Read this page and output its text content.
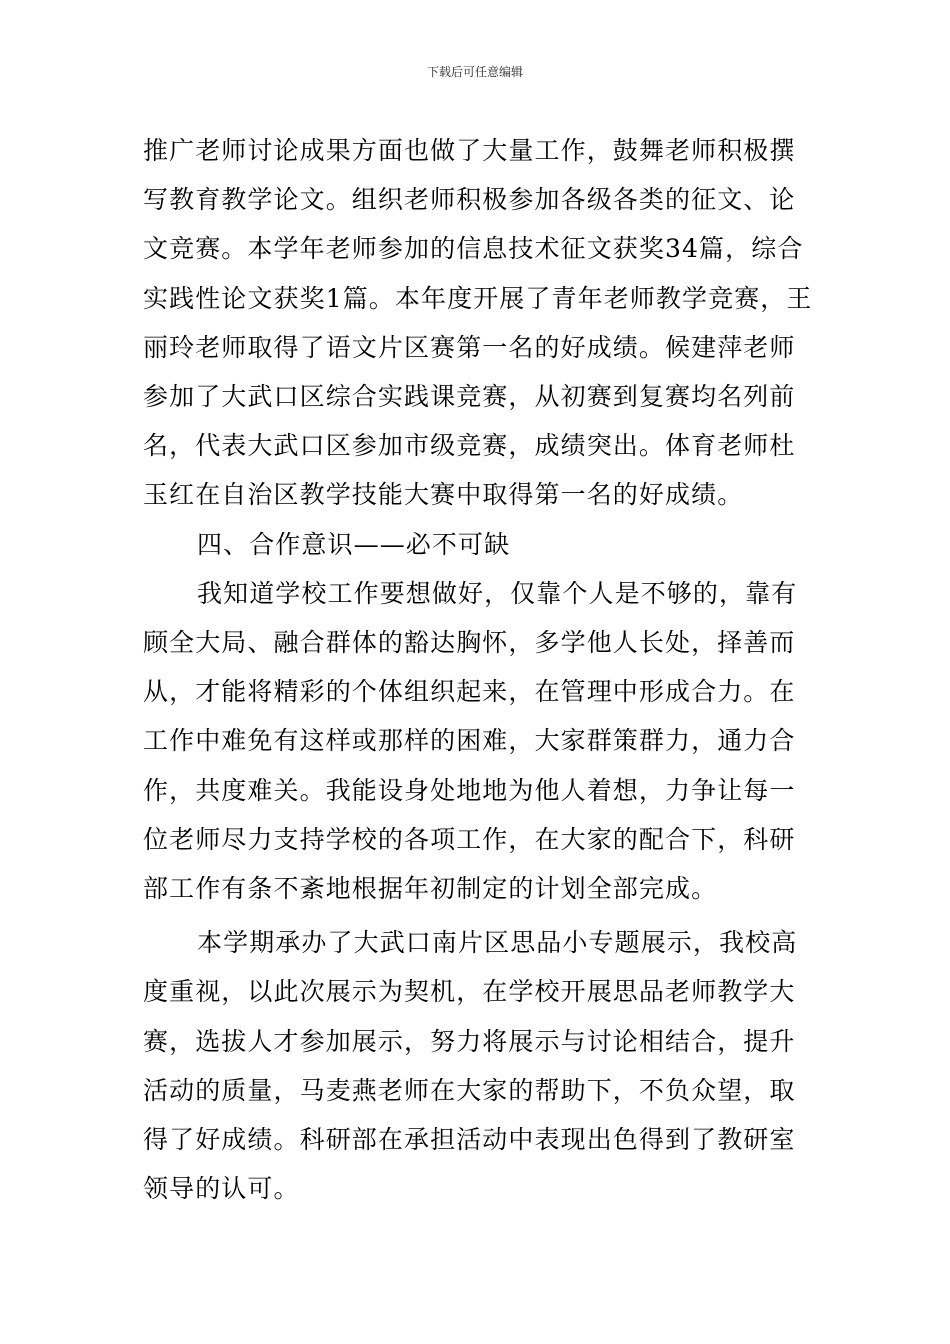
下载后可任意编辑

推广老师讨论成果方面也做了大量工作，鼓舞老师积极撰
写教育教学论文。组织老师积极参加各级各类的征文、论
文竞赛。本学年老师参加的信息技术征文获奖34篇，综合
实践性论文获奖1篇。本年度开展了青年老师教学竞赛，王
丽玲老师取得了语文片区赛第一名的好成绩。候建萍老师
参加了大武口区综合实践课竞赛，从初赛到复赛均名列前
名，代表大武口区参加市级竞赛，成绩突出。体育老师杜
玉红在自治区教学技能大赛中取得第一名的好成绩。

四、合作意识——必不可缺

我知道学校工作要想做好，仅靠个人是不够的，靠有
顾全大局、融合群体的豁达胸怀，多学他人长处，择善而
从，才能将精彩的个体组织起来，在管理中形成合力。在
工作中难免有这样或那样的困难，大家群策群力，通力合
作，共度难关。我能设身处地地为他人着想，力争让每一
位老师尽力支持学校的各项工作，在大家的配合下，科研
部工作有条不紊地根据年初制定的计划全部完成。

本学期承办了大武口南片区思品小专题展示，我校高
度重视，以此次展示为契机，在学校开展思品老师教学大
赛，选拔人才参加展示，努力将展示与讨论相结合，提升
活动的质量，马麦燕老师在大家的帮助下，不负众望，取
得了好成绩。科研部在承担活动中表现出色得到了教研室
领导的认可。
